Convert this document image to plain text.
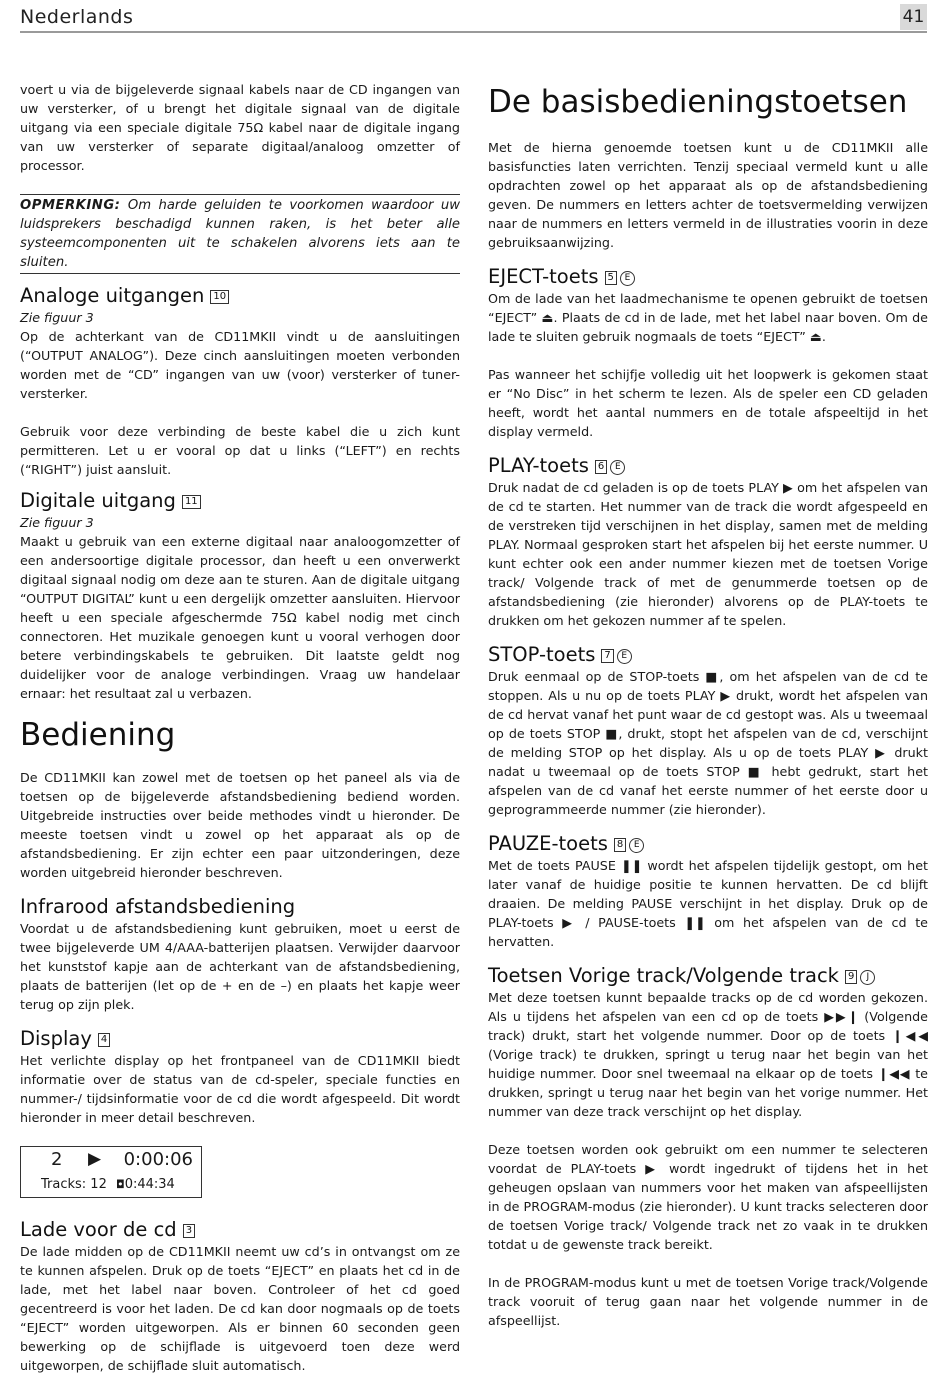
Nederlands	41

voert u via de bijgeleverde signaal kabels naar de CD ingangen van uw versterker, of u brengt het digitale signaal van de digitale uitgang via een speciale digitale 75Ω kabel naar de digitale ingang van uw versterker of separate digitaal/analoog omzetter of processor.

OPMERKING: Om harde geluiden te voorkomen waardoor uw luidsprekers beschadigd kunnen raken, is het beter alle systeemcomponenten uit te schakelen alvorens iets aan te sluiten.
Analoge uitgangen 10

Zie figuur 3

Op de achterkant van de CD11MKII vindt u de aansluitingen (“OUTPUT ANALOG”). Deze cinch aansluitingen moeten verbonden worden met de “CD” ingangen van uw (voor) versterker of tuner-versterker.

Gebruik voor deze verbinding de beste kabel die u zich kunt permitteren. Let u er vooral op dat u links (“LEFT”) en rechts (“RIGHT”) juist aansluit.

Digitale uitgang 11

Zie figuur 3

Maakt u gebruik van een externe digitaal naar analoogomzetter of een andersoortige digitale processor, dan heeft u een onverwerkt digitaal signaal nodig om deze aan te sturen. Aan de digitale uitgang “OUTPUT DIGITAL” kunt u een dergelijk omzetter aansluiten. Hiervoor heeft u een speciale afgeschermde 75Ω kabel nodig met cinch connectoren. Het muzikale genoegen kunt u vooral verhogen door betere verbindingskabels te gebruiken. Dit laatste geldt nog duidelijker voor de analoge verbindingen. Vraag uw handelaar ernaar: het resultaat zal u verbazen.

Bediening

De CD11MKII kan zowel met de toetsen op het paneel als via de toetsen op de bijgeleverde afstandsbediening bediend worden. Uitgebreide instructies over beide methodes vindt u hieronder. De meeste toetsen vindt u zowel op het apparaat als op de afstandsbediening. Er zijn echter een paar uitzonderingen, deze worden uitgebreid hieronder beschreven.

Infrarood afstandsbediening

Voordat u de afstandsbediening kunt gebruiken, moet u eerst de twee bijgeleverde UM 4/AAA-batterijen plaatsen. Verwijder daarvoor het kunststof kapje aan de achterkant van de afstandsbediening, plaats de batterijen (let op de + en de –) en plaats het kapje weer terug op zijn plek.

Display 4

Het verlichte display op het frontpaneel van de CD11MKII biedt informatie over de status van de cd-speler, speciale functies en nummer-/ tijdsinformatie voor de cd die wordt afgespeeld. Dit wordt hieronder in meer detail beschreven.

2 ▶ 0:00:06
Tracks: 12 ◘0:44:34
Lade voor de cd 3

De lade midden op de CD11MKII neemt uw cd’s in ontvangst om ze te kunnen afspelen. Druk op de toets “EJECT” en plaats het cd in de lade, met het label naar boven. Controleer of het cd goed gecentreerd is voor het laden. De cd kan door nogmaals op de toets “EJECT” worden uitgeworpen. Als er binnen 60 seconden geen bewerking op de schijflade is uitgevoerd toen deze werd uitgeworpen, de schijflade sluit automatisch.

De basisbedieningstoetsen

Met de hierna genoemde toetsen kunt u de CD11MKII alle basisfuncties laten verrichten. Tenzij speciaal vermeld kunt u alle opdrachten zowel op het apparaat als op de afstandsbediening geven. De nummers en letters achter de toetsvermelding verwijzen naar de nummers en letters vermeld in de illustraties voorin in deze gebruiksaanwijzing.

EJECT-toets 5 E

Om de lade van het laadmechanisme te openen gebruikt de toetsen “EJECT” ⏏. Plaats de cd in de lade, met het label naar boven. Om de lade te sluiten gebruik nogmaals de toets “EJECT” ⏏.

Pas wanneer het schijfje volledig uit het loopwerk is gekomen staat er “No Disc” in het scherm te lezen. Als de speler een CD geladen heeft, wordt het aantal nummers en de totale afspeeltijd in het display vermeld.

PLAY-toets 6 E

Druk nadat de cd geladen is op de toets PLAY ▶ om het afspelen van de cd te starten. Het nummer van de track die wordt afgespeeld en de verstreken tijd verschijnen in het display, samen met de melding PLAY. Normaal gesproken start het afspelen bij het eerste nummer. U kunt echter ook een ander nummer kiezen met de toetsen Vorige track/ Volgende track of met de genummerde toetsen op de afstandsbediening (zie hieronder) alvorens op de PLAY-toets te drukken om het gekozen nummer af te spelen.

STOP-toets 7 E

Druk eenmaal op de STOP-toets ■, om het afspelen van de cd te stoppen. Als u nu op de toets PLAY ▶ drukt, wordt het afspelen van de cd hervat vanaf het punt waar de cd gestopt was. Als u tweemaal op de toets STOP ■, drukt, stopt het afspelen van de cd, verschijnt de melding STOP op het display. Als u op de toets PLAY ▶ drukt nadat u tweemaal op de toets STOP ■ hebt gedrukt, start het afspelen van de cd vanaf het eerste nummer of het eerste door u geprogrammeerde nummer (zie hieronder).

PAUZE-toets 8 E

Met de toets PAUSE ❚❚ wordt het afspelen tijdelijk gestopt, om het later vanaf de huidige positie te kunnen hervatten. De cd blijft draaien. De melding PAUSE verschijnt in het display. Druk op de PLAY-toets ▶ / PAUSE-toets ❚❚ om het afspelen van de cd te hervatten.

Toetsen Vorige track/Volgende track 9 J

Met deze toetsen kunnt bepaalde tracks op de cd worden gekozen. Als u tijdens het afspelen van een cd op de toets ▶▶❙ (Volgende track) drukt, start het volgende nummer. Door op de toets ❙◀◀ (Vorige track) te drukken, springt u terug naar het begin van het huidige nummer. Door snel tweemaal na elkaar op de toets ❙◀◀ te drukken, springt u terug naar het begin van het vorige nummer. Het nummer van deze track verschijnt op het display.

Deze toetsen worden ook gebruikt om een nummer te selecteren voordat de PLAY-toets ▶ wordt ingedrukt of tijdens het in het geheugen opslaan van nummers voor het maken van afspeellijsten in de PROGRAM-modus (zie hieronder). U kunt tracks selecteren door de toetsen Vorige track/ Volgende track net zo vaak in te drukken totdat u de gewenste track bereikt.

In de PROGRAM-modus kunt u met de toetsen Vorige track/Volgende track vooruit of terug gaan naar het volgende nummer in de afspeellijst.
